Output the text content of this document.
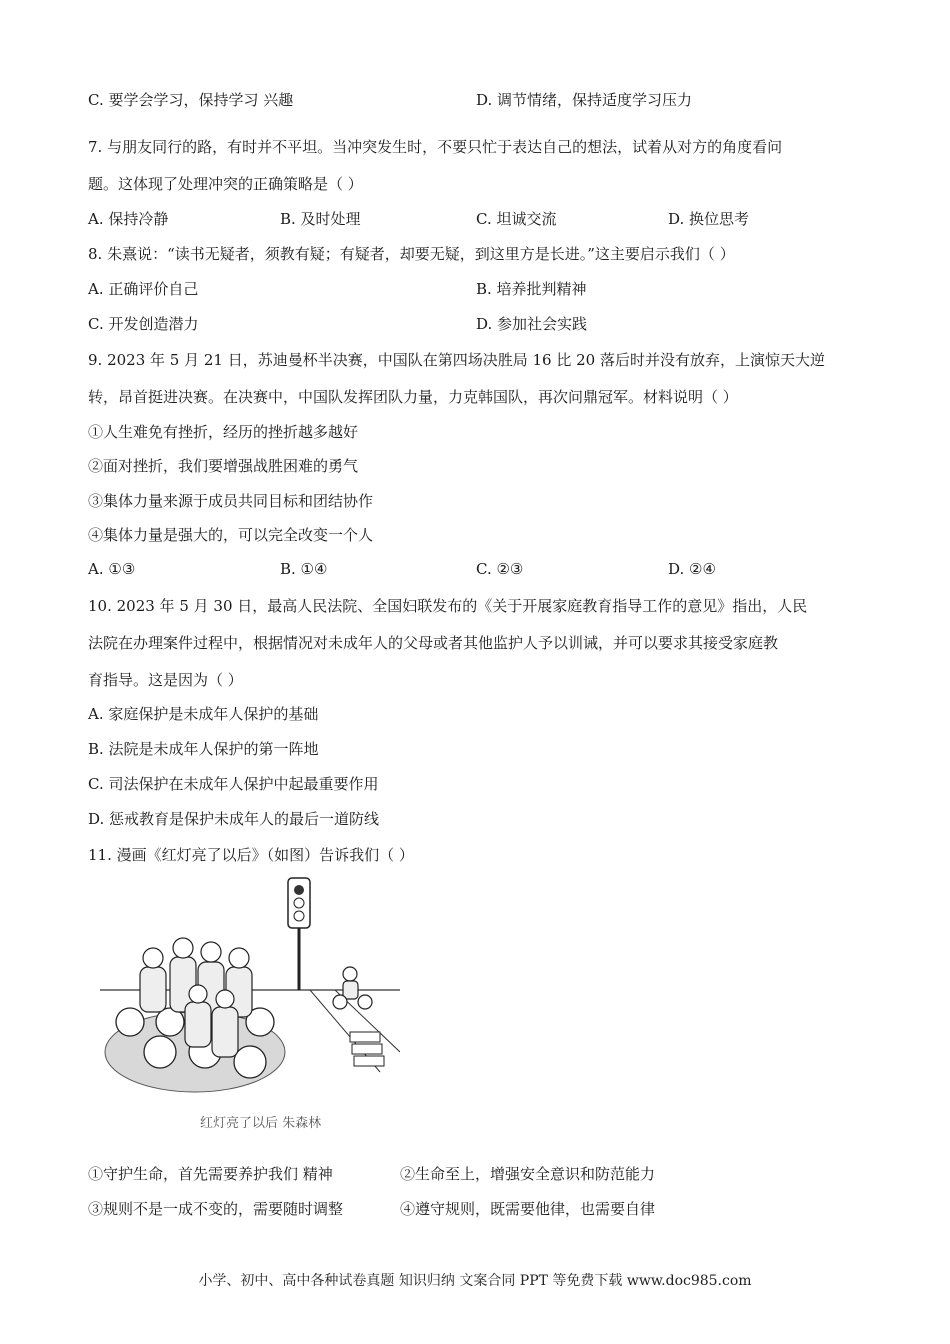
C. 要学会学习，保持学习 兴趣	D. 调节情绪，保持适度学习压力
7. 与朋友同行的路，有时并不平坦。当冲突发生时，不要只忙于表达自己的想法，试着从对方的角度看问
题。这体现了处理冲突的正确策略是（ ）
A. 保持冷静	B. 及时处理	C. 坦诚交流	D. 换位思考
8. 朱熹说：“读书无疑者，须教有疑；有疑者，却要无疑，到这里方是长进。”这主要启示我们（ ）
A. 正确评价自己	B. 培养批判精神
C. 开发创造潜力	D. 参加社会实践
9. 2023 年 5 月 21 日，苏迪曼杯半决赛，中国队在第四场决胜局 16 比 20 落后时并没有放弃，上演惊天大逆
转，昂首挺进决赛。在决赛中，中国队发挥团队力量，力克韩国队，再次问鼎冠军。材料说明（ ）
①人生难免有挫折，经历的挫折越多越好
②面对挫折，我们要增强战胜困难的勇气
③集体力量来源于成员共同目标和团结协作
④集体力量是强大的，可以完全改变一个人
A. ①③	B. ①④	C. ②③	D. ②④
10. 2023 年 5 月 30 日，最高人民法院、全国妇联发布的《关于开展家庭教育指导工作的意见》指出，人民
法院在办理案件过程中，根据情况对未成年人的父母或者其他监护人予以训诫，并可以要求其接受家庭教
育指导。这是因为（ ）
A. 家庭保护是未成年人保护的基础
B. 法院是未成年人保护的第一阵地
C. 司法保护在未成年人保护中起最重要作用
D. 惩戒教育是保护未成年人的最后一道防线
11. 漫画《红灯亮了以后》（如图）告诉我们（ ）
红灯亮了以后 朱森林
①守护生命，首先需要养护我们 精神	②生命至上，增强安全意识和防范能力
③规则不是一成不变的，需要随时调整	④遵守规则，既需要他律，也需要自律
小学、初中、高中各种试卷真题 知识归纳 文案合同 PPT 等免费下载 www.doc985.com
